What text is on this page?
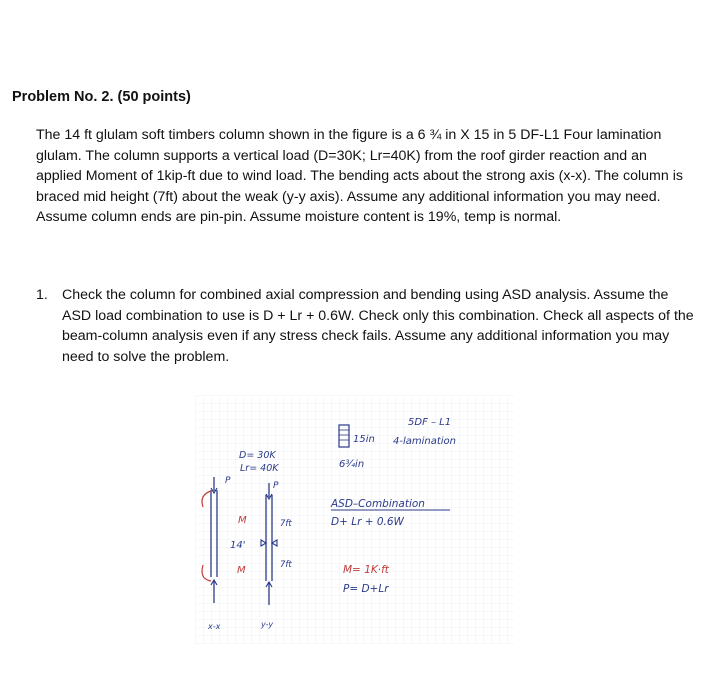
Problem No. 2. (50 points)

The 14 ft glulam soft timbers column shown in the figure is a 6 ¾ in X 15 in 5 DF-L1 Four lamination glulam. The column supports a vertical load (D=30K; Lr=40K) from the roof girder reaction and an applied Moment of 1kip-ft due to wind load. The bending acts about the strong axis (x-x). The column is braced mid height (7ft) about the weak (y-y axis). Assume any additional information you may need. Assume column ends are pin-pin. Assume moisture content is 19%, temp is normal.

1. Check the column for combined axial compression and bending using ASD analysis. Assume the ASD load combination to use is D + Lr + 0.6W. Check only this combination. Check all aspects of the beam-column analysis even if any stress check fails. Assume any additional information you may need to solve the problem.
15in
6¾in
5DF – L1
4-lamination
D= 30K
Lr= 40K
P
M
M
14'
x-x
P
7ft
7ft
y-y
ASD–Combination
D+ Lr + 0.6W
M= 1K·ft
P= D+Lr
